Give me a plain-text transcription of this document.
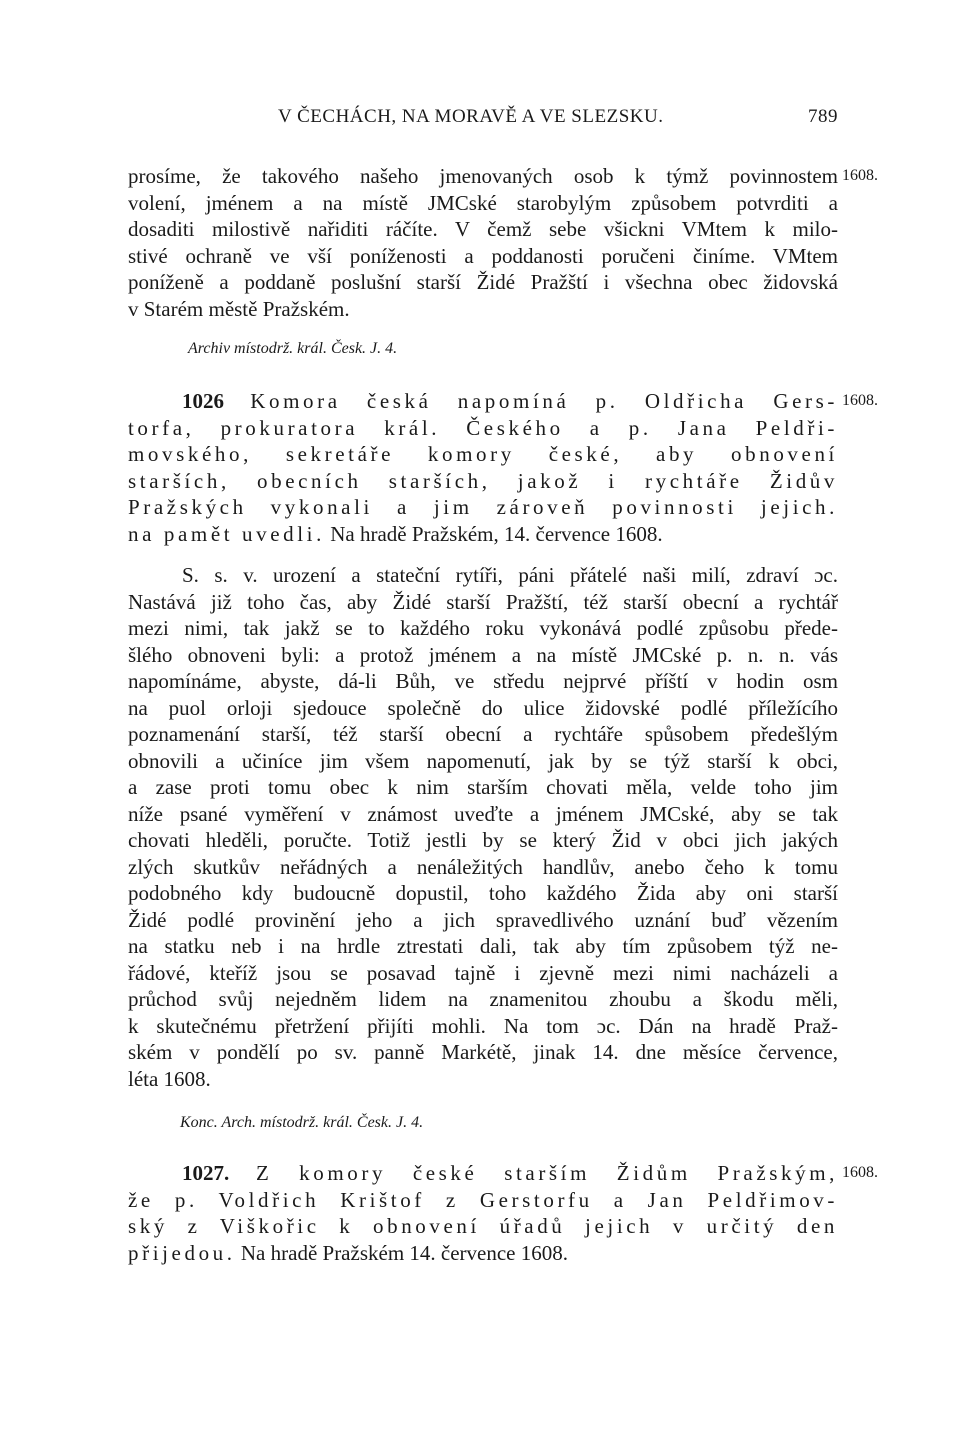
V ČECHÁCH, NA MORAVĚ A VE SLEZSKU.	789
prosíme, že takového našeho jmenovaných osob k týmž povinnostem
volení, jménem a na místě JMCské starobylým způsobem potvrditi a
dosaditi milostivě nařiditi ráčíte. V čemž sebe všickni VMtem k milo-
stivé ochraně ve vší poníženosti a poddanosti poručeni činíme. VMtem
poníženě a poddaně poslušní starší Židé Pražští i všechna obec židovská
v Starém městě Pražském.
1608.
Archiv místodrž. král. Česk. J. 4.
1026 Komora česká napomíná p. Oldřicha Gers-
torfa, prokuratora král. Českého a p. Jana Peldři-
movského, sekretáře komory české, aby obnovení
starších, obecních starších, jakož i rychtáře Židův
Pražských vykonali a jim zároveň povinnosti jejich.
na pamět uvedli. Na hradě Pražském, 14. července 1608.
1608.
S. s. v. urození a stateční rytíři, páni přátelé naši milí, zdraví ɔc.
Nastává již toho čas, aby Židé starší Pražští, též starší obecní a rychtář
mezi nimi, tak jakž se to každého roku vykonává podlé způsobu přede-
šlého obnoveni byli: a protož jménem a na místě JMCské p. n. n. vás
napomínáme, abyste, dá-li Bůh, ve středu nejprvé příští v hodin osm
na puol orloji sjedouce společně do ulice židovské podlé příležícího
poznamenání starší, též starší obecní a rychtáře spůsobem předešlým
obnovili a učiníce jim všem napomenutí, jak by se týž starší k obci,
a zase proti tomu obec k nim starším chovati měla, velde toho jim
níže psané vyměření v známost uveďte a jménem JMCské, aby se tak
chovati hleděli, poručte. Totiž jestli by se který Žid v obci jich jakých
zlých skutkův neřádných a nenáležitých handlův, anebo čeho k tomu
podobného kdy budoucně dopustil, toho každého Žida aby oni starší
Židé podlé provinění jeho a jich spravedlivého uznání buď vězením
na statku neb i na hrdle ztrestati dali, tak aby tím způsobem týž ne-
řádové, kteříž jsou se posavad tajně i zjevně mezi nimi nacházeli a
průchod svůj nejedněm lidem na znamenitou zhoubu a škodu měli,
k skutečnému přetržení přijíti mohli. Na tom ɔc. Dán na hradě Praž-
ském v pondělí po sv. panně Markétě, jinak 14. dne měsíce července,
léta 1608.
Konc. Arch. místodrž. král. Česk. J. 4.
1027. Z komory české starším Židům Pražským,
že p. Voldřich Krištof z Gerstorfu a Jan Peldřimov-
ský z Viškořic k obnovení úřadů jejich v určitý den
přijedou. Na hradě Pražském 14. července 1608.
1608.
